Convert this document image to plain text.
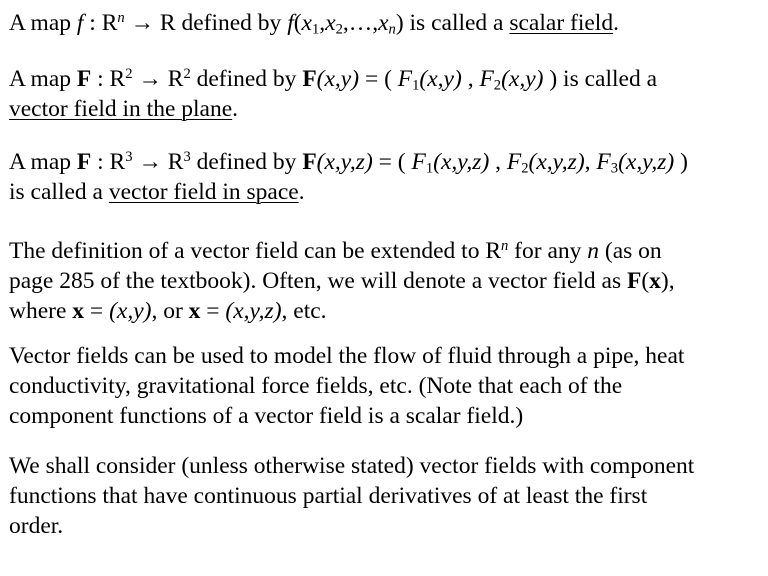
A map f : $R^n \to R$ defined by $f(x_1,x_2,\dots,x_n)$ is called a scalar field.

A map F : $R^2 \to R^2$ defined by F(x,y) = ( $F_1(x,y)$ , $F_2(x,y)$ ) is called a
vector field in the plane.

A map F : $R^3 \to R^3$ defined by F(x,y,z) = ( $F_1(x,y,z)$ , $F_2(x,y,z)$, $F_3(x,y,z)$ )
is called a vector field in space.

The definition of a vector field can be extended to $R^n$ for any n (as on
page 285 of the textbook). Often, we will denote a vector field as F(x),
where x = (x,y), or x = (x,y,z), etc.

Vector fields can be used to model the flow of fluid through a pipe, heat
conductivity, gravitational force fields, etc. (Note that each of the
component functions of a vector field is a scalar field.)

We shall consider (unless otherwise stated) vector fields with component
functions that have continuous partial derivatives of at least the first
order.
